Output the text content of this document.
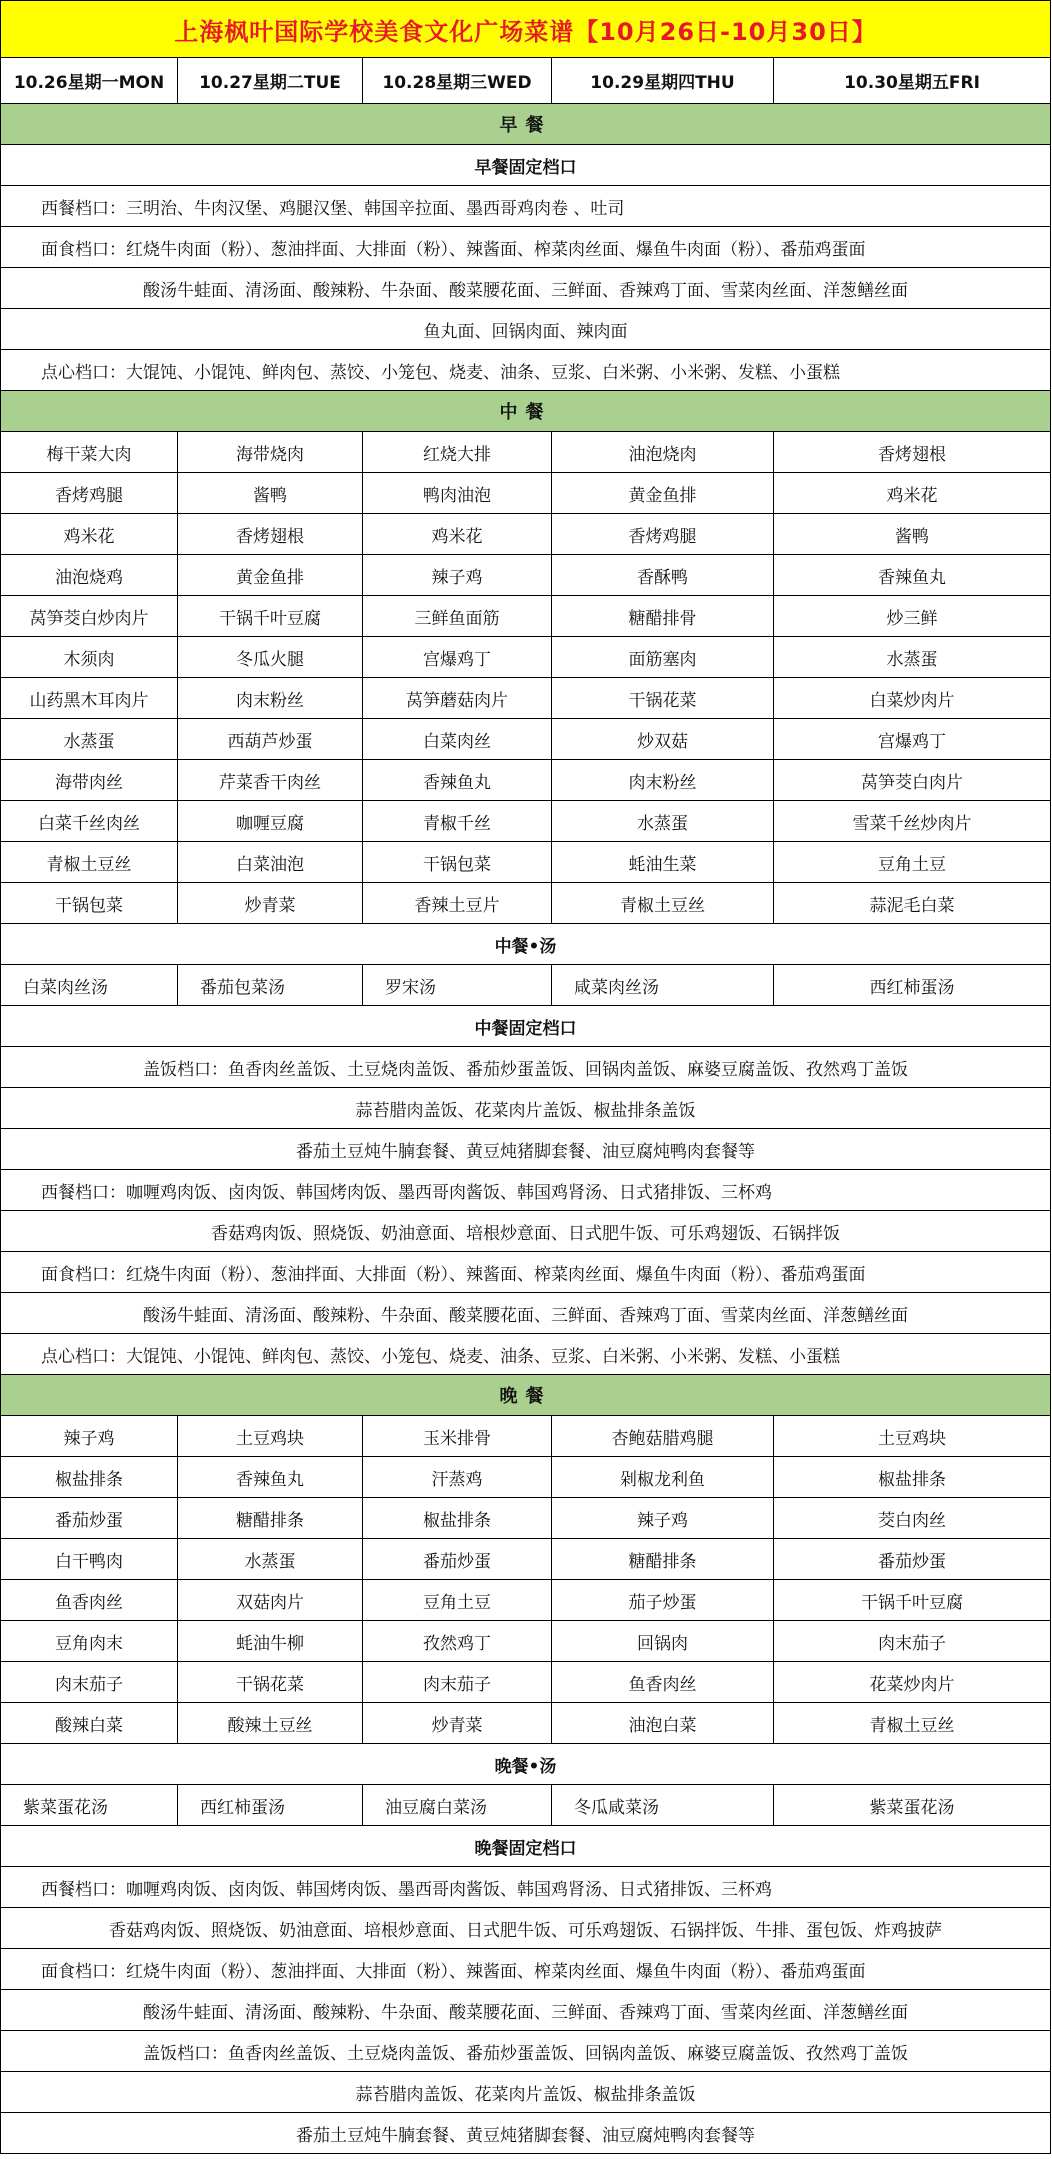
上海枫叶国际学校美食文化广场菜谱【10月26日-10月30日】
10.26星期一MON	10.27星期二TUE	10.28星期三WED	10.29星期四THU	10.30星期五FRI
早餐
早餐固定档口
西餐档口：三明治、牛肉汉堡、鸡腿汉堡、韩国辛拉面、墨西哥鸡肉卷 、吐司
面食档口：红烧牛肉面（粉）、葱油拌面、大排面（粉）、辣酱面、榨菜肉丝面、爆鱼牛肉面（粉）、番茄鸡蛋面
酸汤牛蛙面、清汤面、酸辣粉、牛杂面、酸菜腰花面、三鲜面、香辣鸡丁面、雪菜肉丝面、洋葱鳝丝面
鱼丸面、回锅肉面、辣肉面
点心档口：大馄饨、小馄饨、鲜肉包、蒸饺、小笼包、烧麦、油条、豆浆、白米粥、小米粥、发糕、小蛋糕
中餐
梅干菜大肉	海带烧肉	红烧大排	油泡烧肉	香烤翅根
香烤鸡腿	酱鸭	鸭肉油泡	黄金鱼排	鸡米花
鸡米花	香烤翅根	鸡米花	香烤鸡腿	酱鸭
油泡烧鸡	黄金鱼排	辣子鸡	香酥鸭	香辣鱼丸
莴笋茭白炒肉片	干锅千叶豆腐	三鲜鱼面筋	糖醋排骨	炒三鲜
木须肉	冬瓜火腿	宫爆鸡丁	面筋塞肉	水蒸蛋
山药黑木耳肉片	肉末粉丝	莴笋蘑菇肉片	干锅花菜	白菜炒肉片
水蒸蛋	西葫芦炒蛋	白菜肉丝	炒双菇	宫爆鸡丁
海带肉丝	芹菜香干肉丝	香辣鱼丸	肉末粉丝	莴笋茭白肉片
白菜千丝肉丝	咖喱豆腐	青椒千丝	水蒸蛋	雪菜千丝炒肉片
青椒土豆丝	白菜油泡	干锅包菜	蚝油生菜	豆角土豆
干锅包菜	炒青菜	香辣土豆片	青椒土豆丝	蒜泥毛白菜
中餐•汤
白菜肉丝汤	番茄包菜汤	罗宋汤	咸菜肉丝汤	西红柿蛋汤
中餐固定档口
盖饭档口：鱼香肉丝盖饭、土豆烧肉盖饭、番茄炒蛋盖饭、回锅肉盖饭、麻婆豆腐盖饭、孜然鸡丁盖饭
蒜苔腊肉盖饭、花菜肉片盖饭、椒盐排条盖饭
番茄土豆炖牛腩套餐、黄豆炖猪脚套餐、油豆腐炖鸭肉套餐等
西餐档口：咖喱鸡肉饭、卤肉饭、韩国烤肉饭、墨西哥肉酱饭、韩国鸡肾汤、日式猪排饭、三杯鸡
香菇鸡肉饭、照烧饭、奶油意面、培根炒意面、日式肥牛饭、可乐鸡翅饭、石锅拌饭
面食档口：红烧牛肉面（粉）、葱油拌面、大排面（粉）、辣酱面、榨菜肉丝面、爆鱼牛肉面（粉）、番茄鸡蛋面
酸汤牛蛙面、清汤面、酸辣粉、牛杂面、酸菜腰花面、三鲜面、香辣鸡丁面、雪菜肉丝面、洋葱鳝丝面
点心档口：大馄饨、小馄饨、鲜肉包、蒸饺、小笼包、烧麦、油条、豆浆、白米粥、小米粥、发糕、小蛋糕
晚餐
辣子鸡	土豆鸡块	玉米排骨	杏鲍菇腊鸡腿	土豆鸡块
椒盐排条	香辣鱼丸	汗蒸鸡	剁椒龙利鱼	椒盐排条
番茄炒蛋	糖醋排条	椒盐排条	辣子鸡	茭白肉丝
白干鸭肉	水蒸蛋	番茄炒蛋	糖醋排条	番茄炒蛋
鱼香肉丝	双菇肉片	豆角土豆	茄子炒蛋	干锅千叶豆腐
豆角肉末	蚝油牛柳	孜然鸡丁	回锅肉	肉末茄子
肉末茄子	干锅花菜	肉末茄子	鱼香肉丝	花菜炒肉片
酸辣白菜	酸辣土豆丝	炒青菜	油泡白菜	青椒土豆丝
晚餐•汤
紫菜蛋花汤	西红柿蛋汤	油豆腐白菜汤	冬瓜咸菜汤	紫菜蛋花汤
晚餐固定档口
西餐档口：咖喱鸡肉饭、卤肉饭、韩国烤肉饭、墨西哥肉酱饭、韩国鸡肾汤、日式猪排饭、三杯鸡
香菇鸡肉饭、照烧饭、奶油意面、培根炒意面、日式肥牛饭、可乐鸡翅饭、石锅拌饭、牛排、蛋包饭、炸鸡披萨
面食档口：红烧牛肉面（粉）、葱油拌面、大排面（粉）、辣酱面、榨菜肉丝面、爆鱼牛肉面（粉）、番茄鸡蛋面
酸汤牛蛙面、清汤面、酸辣粉、牛杂面、酸菜腰花面、三鲜面、香辣鸡丁面、雪菜肉丝面、洋葱鳝丝面
盖饭档口：鱼香肉丝盖饭、土豆烧肉盖饭、番茄炒蛋盖饭、回锅肉盖饭、麻婆豆腐盖饭、孜然鸡丁盖饭
蒜苔腊肉盖饭、花菜肉片盖饭、椒盐排条盖饭
番茄土豆炖牛腩套餐、黄豆炖猪脚套餐、油豆腐炖鸭肉套餐等
